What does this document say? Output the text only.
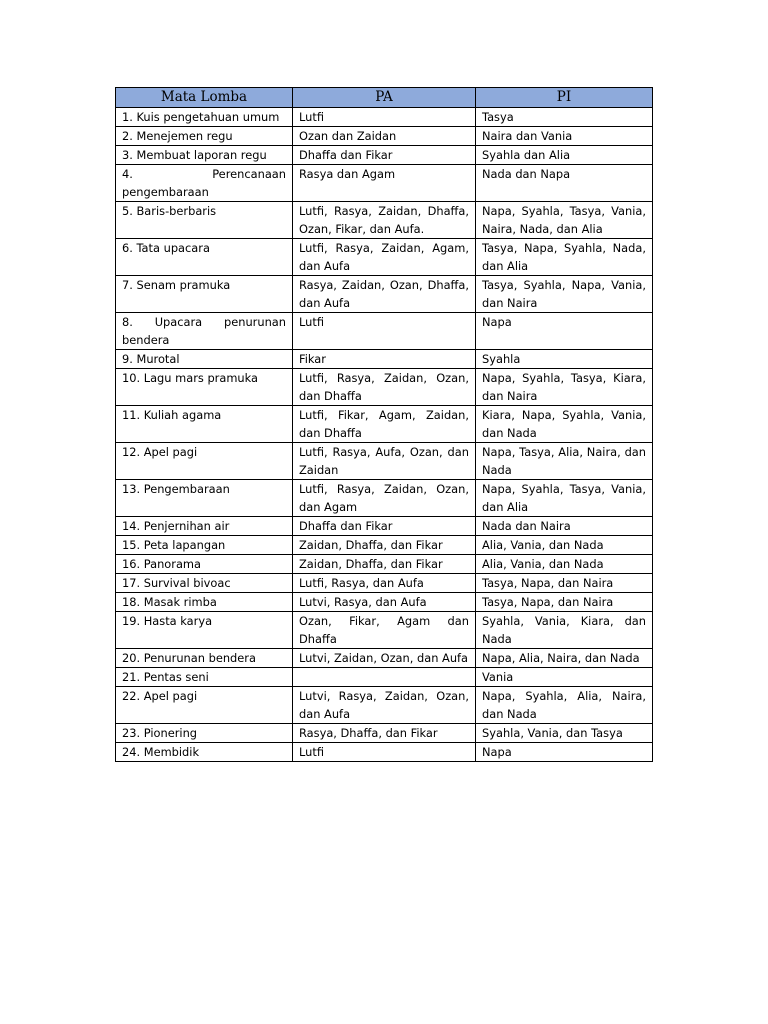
Mata Lomba	PA	PI
1. Kuis pengetahuan umum	Lutfi	Tasya
2. Menejemen regu	Ozan dan Zaidan	Naira dan Vania
3. Membuat laporan regu	Dhaffa dan Fikar	Syahla dan Alia
4. Perencanaan pengembaraan	Rasya dan Agam	Nada dan Napa
5. Baris-berbaris	Lutfi, Rasya, Zaidan, Dhaffa, Ozan, Fikar, dan Aufa.	Napa, Syahla, Tasya, Vania, Naira, Nada, dan Alia
6. Tata upacara	Lutfi, Rasya, Zaidan, Agam, dan Aufa	Tasya, Napa, Syahla, Nada, dan Alia
7. Senam pramuka	Rasya, Zaidan, Ozan, Dhaffa, dan Aufa	Tasya, Syahla, Napa, Vania, dan Naira
8. Upacara penurunan bendera	Lutfi	Napa
9. Murotal	Fikar	Syahla
10. Lagu mars pramuka	Lutfi, Rasya, Zaidan, Ozan, dan Dhaffa	Napa, Syahla, Tasya, Kiara, dan Naira
11. Kuliah agama	Lutfi, Fikar, Agam, Zaidan, dan Dhaffa	Kiara, Napa, Syahla, Vania, dan Nada
12. Apel pagi	Lutfi, Rasya, Aufa, Ozan, dan Zaidan	Napa, Tasya, Alia, Naira, dan Nada
13. Pengembaraan	Lutfi, Rasya, Zaidan, Ozan, dan Agam	Napa, Syahla, Tasya, Vania, dan Alia
14. Penjernihan air	Dhaffa dan Fikar	Nada dan Naira
15. Peta lapangan	Zaidan, Dhaffa, dan Fikar	Alia, Vania, dan Nada
16. Panorama	Zaidan, Dhaffa, dan Fikar	Alia, Vania, dan Nada
17. Survival bivoac	Lutfi, Rasya, dan Aufa	Tasya, Napa, dan Naira
18. Masak rimba	Lutvi, Rasya, dan Aufa	Tasya, Napa, dan Naira
19. Hasta karya	Ozan, Fikar, Agam dan Dhaffa	Syahla, Vania, Kiara, dan Nada
20. Penurunan bendera	Lutvi, Zaidan, Ozan, dan Aufa	Napa, Alia, Naira, dan Nada
21. Pentas seni		Vania
22. Apel pagi	Lutvi, Rasya, Zaidan, Ozan, dan Aufa	Napa, Syahla, Alia, Naira, dan Nada
23. Pionering	Rasya, Dhaffa, dan Fikar	Syahla, Vania, dan Tasya
24. Membidik	Lutfi	Napa
